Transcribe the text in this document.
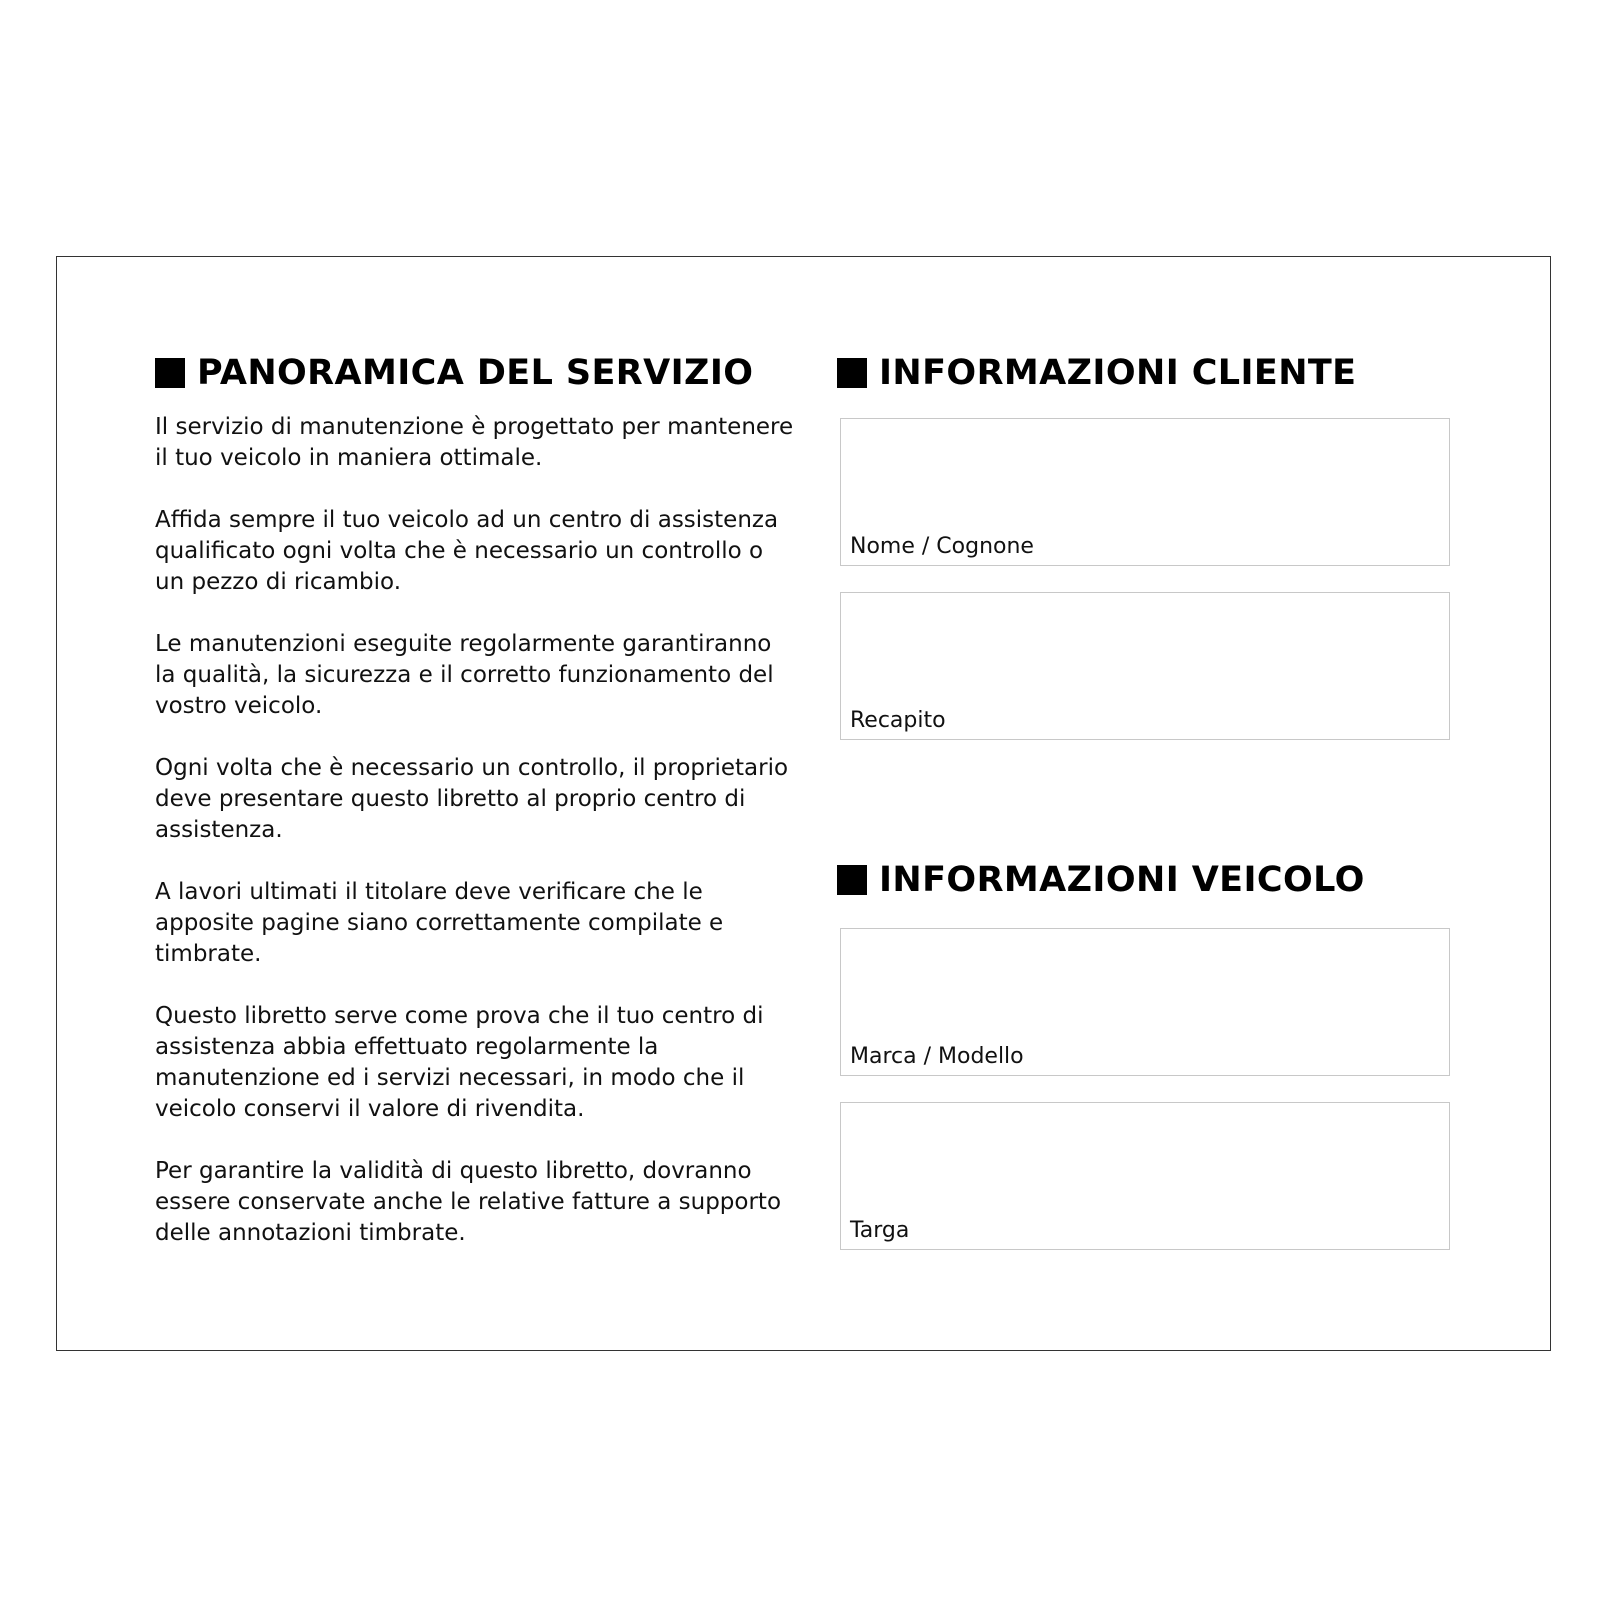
PANORAMICA DEL SERVIZIO

Il servizio di manutenzione è progettato per mantenere il tuo veicolo in maniera ottimale.

Affida sempre il tuo veicolo ad un centro di assistenza qualificato ogni volta che è necessario un controllo o un pezzo di ricambio.

Le manutenzioni eseguite regolarmente garantiranno la qualità, la sicurezza e il corretto funzionamento del vostro veicolo.

Ogni volta che è necessario un controllo, il proprietario deve presentare questo libretto al proprio centro di assistenza.

A lavori ultimati il titolare deve verificare che le apposite pagine siano correttamente compilate e timbrate.

Questo libretto serve come prova che il tuo centro di assistenza abbia effettuato regolarmente la manutenzione ed i servizi necessari, in modo che il veicolo conservi il valore di rivendita.

Per garantire la validità di questo libretto, dovranno essere conservate anche le relative fatture a supporto delle annotazioni timbrate.

INFORMAZIONI CLIENTE
Nome / Cognone
Recapito
INFORMAZIONI VEICOLO
Marca / Modello
Targa
